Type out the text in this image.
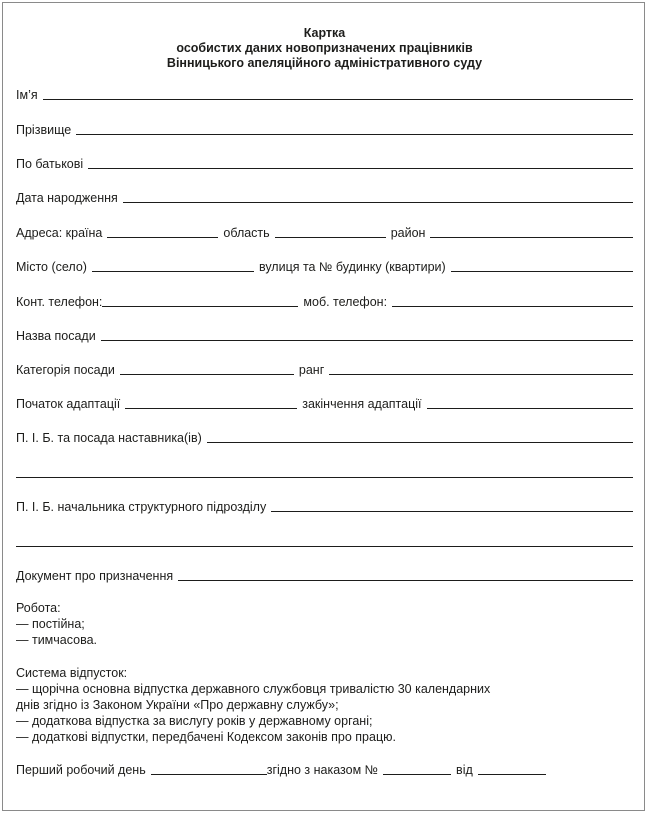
Картка
особистих даних новопризначених працівників
Вінницького апеляційного адміністративного суду
Ім’я
Прізвище
По батькові
Дата народження
Адреса: країна	область	район
Місто (село)	вулиця та № будинку (квартири)
Конт. телефон:	моб. телефон:
Назва посади
Категорія посади	ранг
Початок адаптації	закінчення адаптації
П. І. Б. та посада наставника(ів)
П. І. Б. начальника структурного підрозділу
Документ про призначення
Робота:
— постійна;
— тимчасова.
Система відпусток:
— щорічна основна відпустка державного службовця тривалістю 30 календарних
днів згідно із Законом України «Про державну службу»;
— додаткова відпустка за вислугу років у державному органі;
— додаткові відпустки, передбачені Кодексом законів про працю.
Перший робочий день	згідно з наказом №	від
